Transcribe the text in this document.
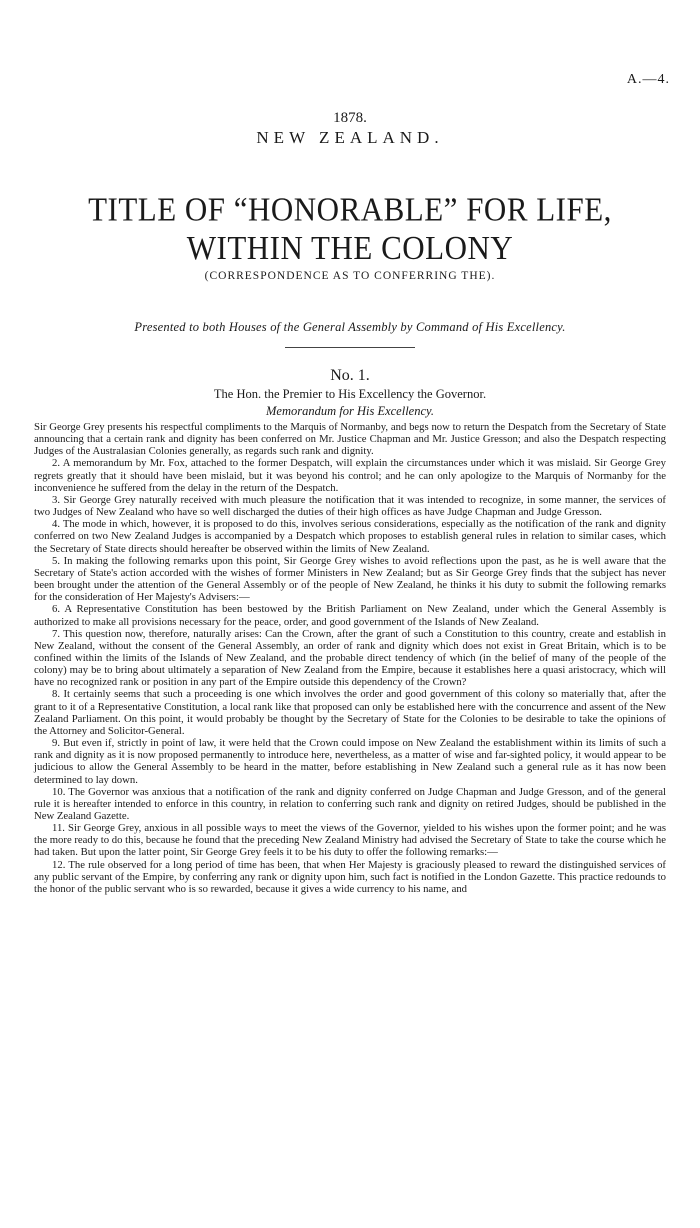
A.—4.
1878.
NEW ZEALAND.
TITLE OF “HONORABLE” FOR LIFE, WITHIN THE COLONY
(CORRESPONDENCE AS TO CONFERRING THE).
Presented to both Houses of the General Assembly by Command of His Excellency.
No. 1.
The Hon. the Premier to His Excellency the Governor.
Memorandum for His Excellency.

Sir George Grey presents his respectful compliments to the Marquis of Normanby, and begs now to return the Despatch from the Secretary of State announcing that a certain rank and dignity has been conferred on Mr. Justice Chapman and Mr. Justice Gresson; and also the Despatch respecting Judges of the Australasian Colonies generally, as regards such rank and dignity.

2. A memorandum by Mr. Fox, attached to the former Despatch, will explain the circumstances under which it was mislaid. Sir George Grey regrets greatly that it should have been mislaid, but it was beyond his control; and he can only apologize to the Marquis of Normanby for the inconvenience he suffered from the delay in the return of the Despatch.

3. Sir George Grey naturally received with much pleasure the notification that it was intended to recognize, in some manner, the services of two Judges of New Zealand who have so well discharged the duties of their high offices as have Judge Chapman and Judge Gresson.

4. The mode in which, however, it is proposed to do this, involves serious considerations, especially as the notification of the rank and dignity conferred on two New Zealand Judges is accompanied by a Despatch which proposes to establish general rules in relation to similar cases, which the Secretary of State directs should hereafter be observed within the limits of New Zealand.

5. In making the following remarks upon this point, Sir George Grey wishes to avoid reflections upon the past, as he is well aware that the Secretary of State's action accorded with the wishes of former Ministers in New Zealand; but as Sir George Grey finds that the subject has never been brought under the attention of the General Assembly or of the people of New Zealand, he thinks it his duty to submit the following remarks for the consideration of Her Majesty's Advisers:—

6. A Representative Constitution has been bestowed by the British Parliament on New Zealand, under which the General Assembly is authorized to make all provisions necessary for the peace, order, and good government of the Islands of New Zealand.

7. This question now, therefore, naturally arises: Can the Crown, after the grant of such a Constitution to this country, create and establish in New Zealand, without the consent of the General Assembly, an order of rank and dignity which does not exist in Great Britain, which is to be confined within the limits of the Islands of New Zealand, and the probable direct tendency of which (in the belief of many of the people of the colony) may be to bring about ultimately a separation of New Zealand from the Empire, because it establishes here a quasi aristocracy, which will have no recognized rank or position in any part of the Empire outside this dependency of the Crown?

8. It certainly seems that such a proceeding is one which involves the order and good government of this colony so materially that, after the grant to it of a Representative Constitution, a local rank like that proposed can only be established here with the concurrence and assent of the New Zealand Parliament. On this point, it would probably be thought by the Secretary of State for the Colonies to be desirable to take the opinions of the Attorney and Solicitor-General.

9. But even if, strictly in point of law, it were held that the Crown could impose on New Zealand the establishment within its limits of such a rank and dignity as it is now proposed permanently to introduce here, nevertheless, as a matter of wise and far-sighted policy, it would appear to be judicious to allow the General Assembly to be heard in the matter, before establishing in New Zealand such a general rule as it has now been determined to lay down.

10. The Governor was anxious that a notification of the rank and dignity conferred on Judge Chapman and Judge Gresson, and of the general rule it is hereafter intended to enforce in this country, in relation to conferring such rank and dignity on retired Judges, should be published in the New Zealand Gazette.

11. Sir George Grey, anxious in all possible ways to meet the views of the Governor, yielded to his wishes upon the former point; and he was the more ready to do this, because he found that the preceding New Zealand Ministry had advised the Secretary of State to take the course which he had taken. But upon the latter point, Sir George Grey feels it to be his duty to offer the following remarks:—

12. The rule observed for a long period of time has been, that when Her Majesty is graciously pleased to reward the distinguished services of any public servant of the Empire, by conferring any rank or dignity upon him, such fact is notified in the London Gazette. This practice redounds to the honor of the public servant who is so rewarded, because it gives a wide currency to his name, and
